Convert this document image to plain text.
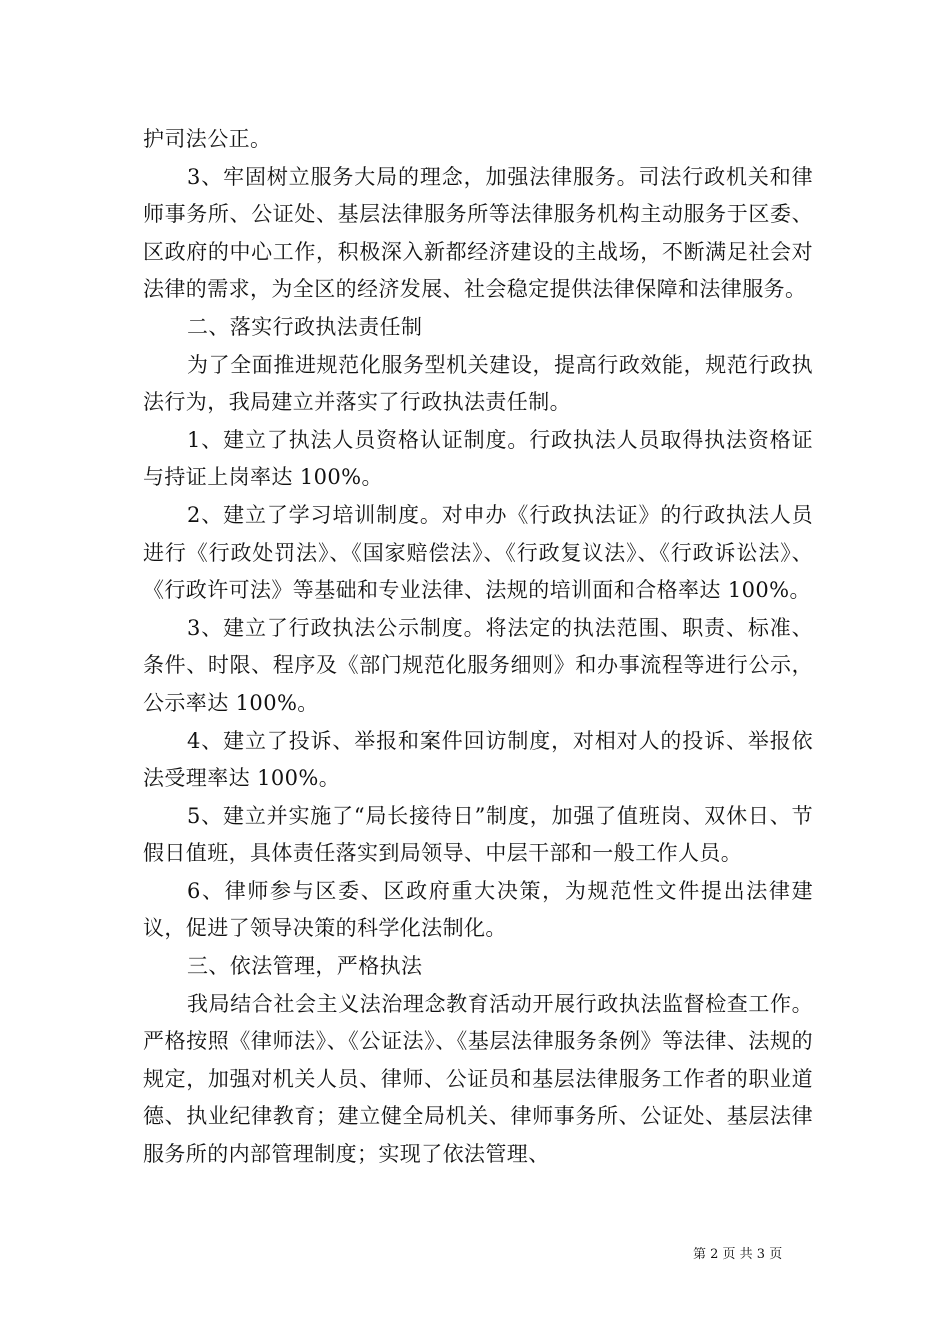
护司法公正。

3、牢固树立服务大局的理念，加强法律服务。司法行政机关和律师事务所、公证处、基层法律服务所等法律服务机构主动服务于区委、区政府的中心工作，积极深入新都经济建设的主战场，不断满足社会对法律的需求，为全区的经济发展、社会稳定提供法律保障和法律服务。

二、落实行政执法责任制

为了全面推进规范化服务型机关建设，提高行政效能，规范行政执法行为，我局建立并落实了行政执法责任制。

1、建立了执法人员资格认证制度。行政执法人员取得执法资格证与持证上岗率达 100%。

2、建立了学习培训制度。对申办《行政执法证》的行政执法人员进行《行政处罚法》、《国家赔偿法》、《行政复议法》、《行政诉讼法》、《行政许可法》等基础和专业法律、法规的培训面和合格率达 100%。

3、建立了行政执法公示制度。将法定的执法范围、职责、标准、条件、时限、程序及《部门规范化服务细则》和办事流程等进行公示，公示率达 100%。

4、建立了投诉、举报和案件回访制度，对相对人的投诉、举报依法受理率达 100%。

5、建立并实施了“局长接待日”制度，加强了值班岗、双休日、节假日值班，具体责任落实到局领导、中层干部和一般工作人员。

6、律师参与区委、区政府重大决策，为规范性文件提出法律建议，促进了领导决策的科学化法制化。

三、依法管理，严格执法

我局结合社会主义法治理念教育活动开展行政执法监督检查工作。严格按照《律师法》、《公证法》、《基层法律服务条例》等法律、法规的规定，加强对机关人员、律师、公证员和基层法律服务工作者的职业道德、执业纪律教育；建立健全局机关、律师事务所、公证处、基层法律服务所的内部管理制度；实现了依法管理、

第 2 页 共 3 页
